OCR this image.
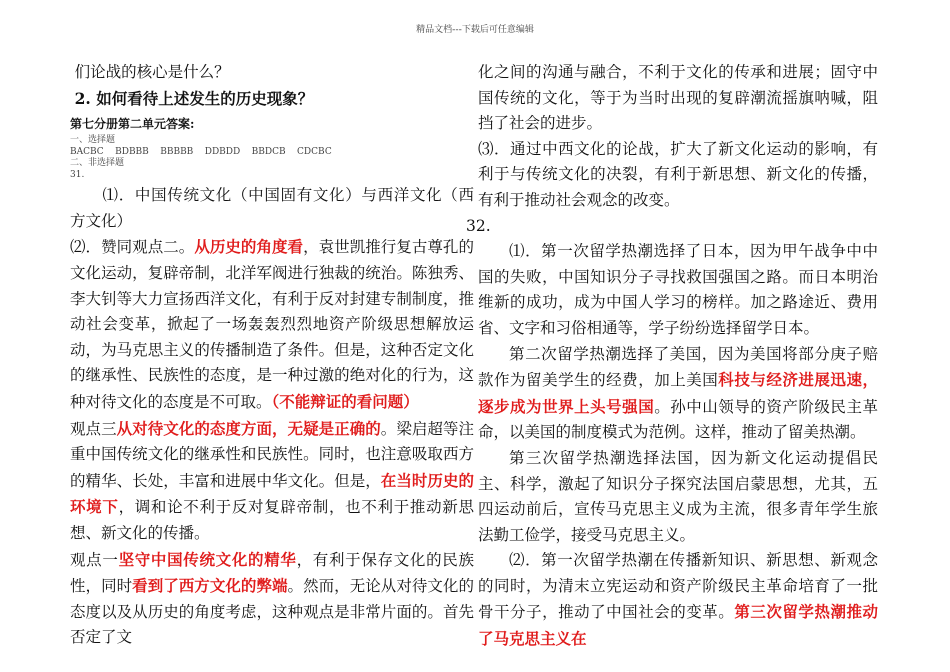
精品文档---下载后可任意编辑

们论战的核心是什么？

2. 如何看待上述发生的历史现象？

第七分册第二单元答案:

一、选择题

BACBC    BDBBB    BBBBB    DDBDD    BBDCB    CDCBC

二、非选择题

31.

⑴．中国传统文化（中国固有文化）与西洋文化（西方文化）

⑵．赞同观点二。从历史的角度看，袁世凯推行复古尊孔的文化运动，复辟帝制，北洋军阀进行独裁的统治。陈独秀、李大钊等大力宣扬西洋文化，有利于反对封建专制制度，推动社会变革，掀起了一场轰轰烈烈地资产阶级思想解放运动，为马克思主义的传播制造了条件。但是，这种否定文化的继承性、民族性的态度，是一种过激的绝对化的行为，这种对待文化的态度是不可取。（不能辩证的看问题）

观点三从对待文化的态度方面，无疑是正确的。梁启超等注重中国传统文化的继承性和民族性。同时，也注意吸取西方的精华、长处，丰富和进展中华文化。但是，在当时历史的环境下，调和论不利于反对复辟帝制，也不利于推动新思想、新文化的传播。

观点一坚守中国传统文化的精华，有利于保存文化的民族性，同时看到了西方文化的弊端。然而，无论从对待文化的态度以及从历史的角度考虑，这种观点是非常片面的。首先否定了文

化之间的沟通与融合，不利于文化的传承和进展；固守中国传统的文化，等于为当时出现的复辟潮流摇旗呐喊，阻挡了社会的进步。

⑶．通过中西文化的论战，扩大了新文化运动的影响，有利于与传统文化的决裂，有利于新思想、新文化的传播，有利于推动社会观念的改变。

32.

⑴．第一次留学热潮选择了日本，因为甲午战争中中国的失败，中国知识分子寻找救国强国之路。而日本明治维新的成功，成为中国人学习的榜样。加之路途近、费用省、文字和习俗相通等，学子纷纷选择留学日本。

第二次留学热潮选择了美国，因为美国将部分庚子赔款作为留美学生的经费，加上美国科技与经济进展迅速，逐步成为世界上头号强国。孙中山领导的资产阶级民主革命，以美国的制度模式为范例。这样，推动了留美热潮。

第三次留学热潮选择法国，因为新文化运动提倡民主、科学，激起了知识分子探究法国启蒙思想，尤其，五四运动前后，宣传马克思主义成为主流，很多青年学生旅法勤工俭学，接受马克思主义。

⑵．第一次留学热潮在传播新知识、新思想、新观念的同时，为清末立宪运动和资产阶级民主革命培育了一批骨干分子，推动了中国社会的变革。第三次留学热潮推动了马克思主义在
